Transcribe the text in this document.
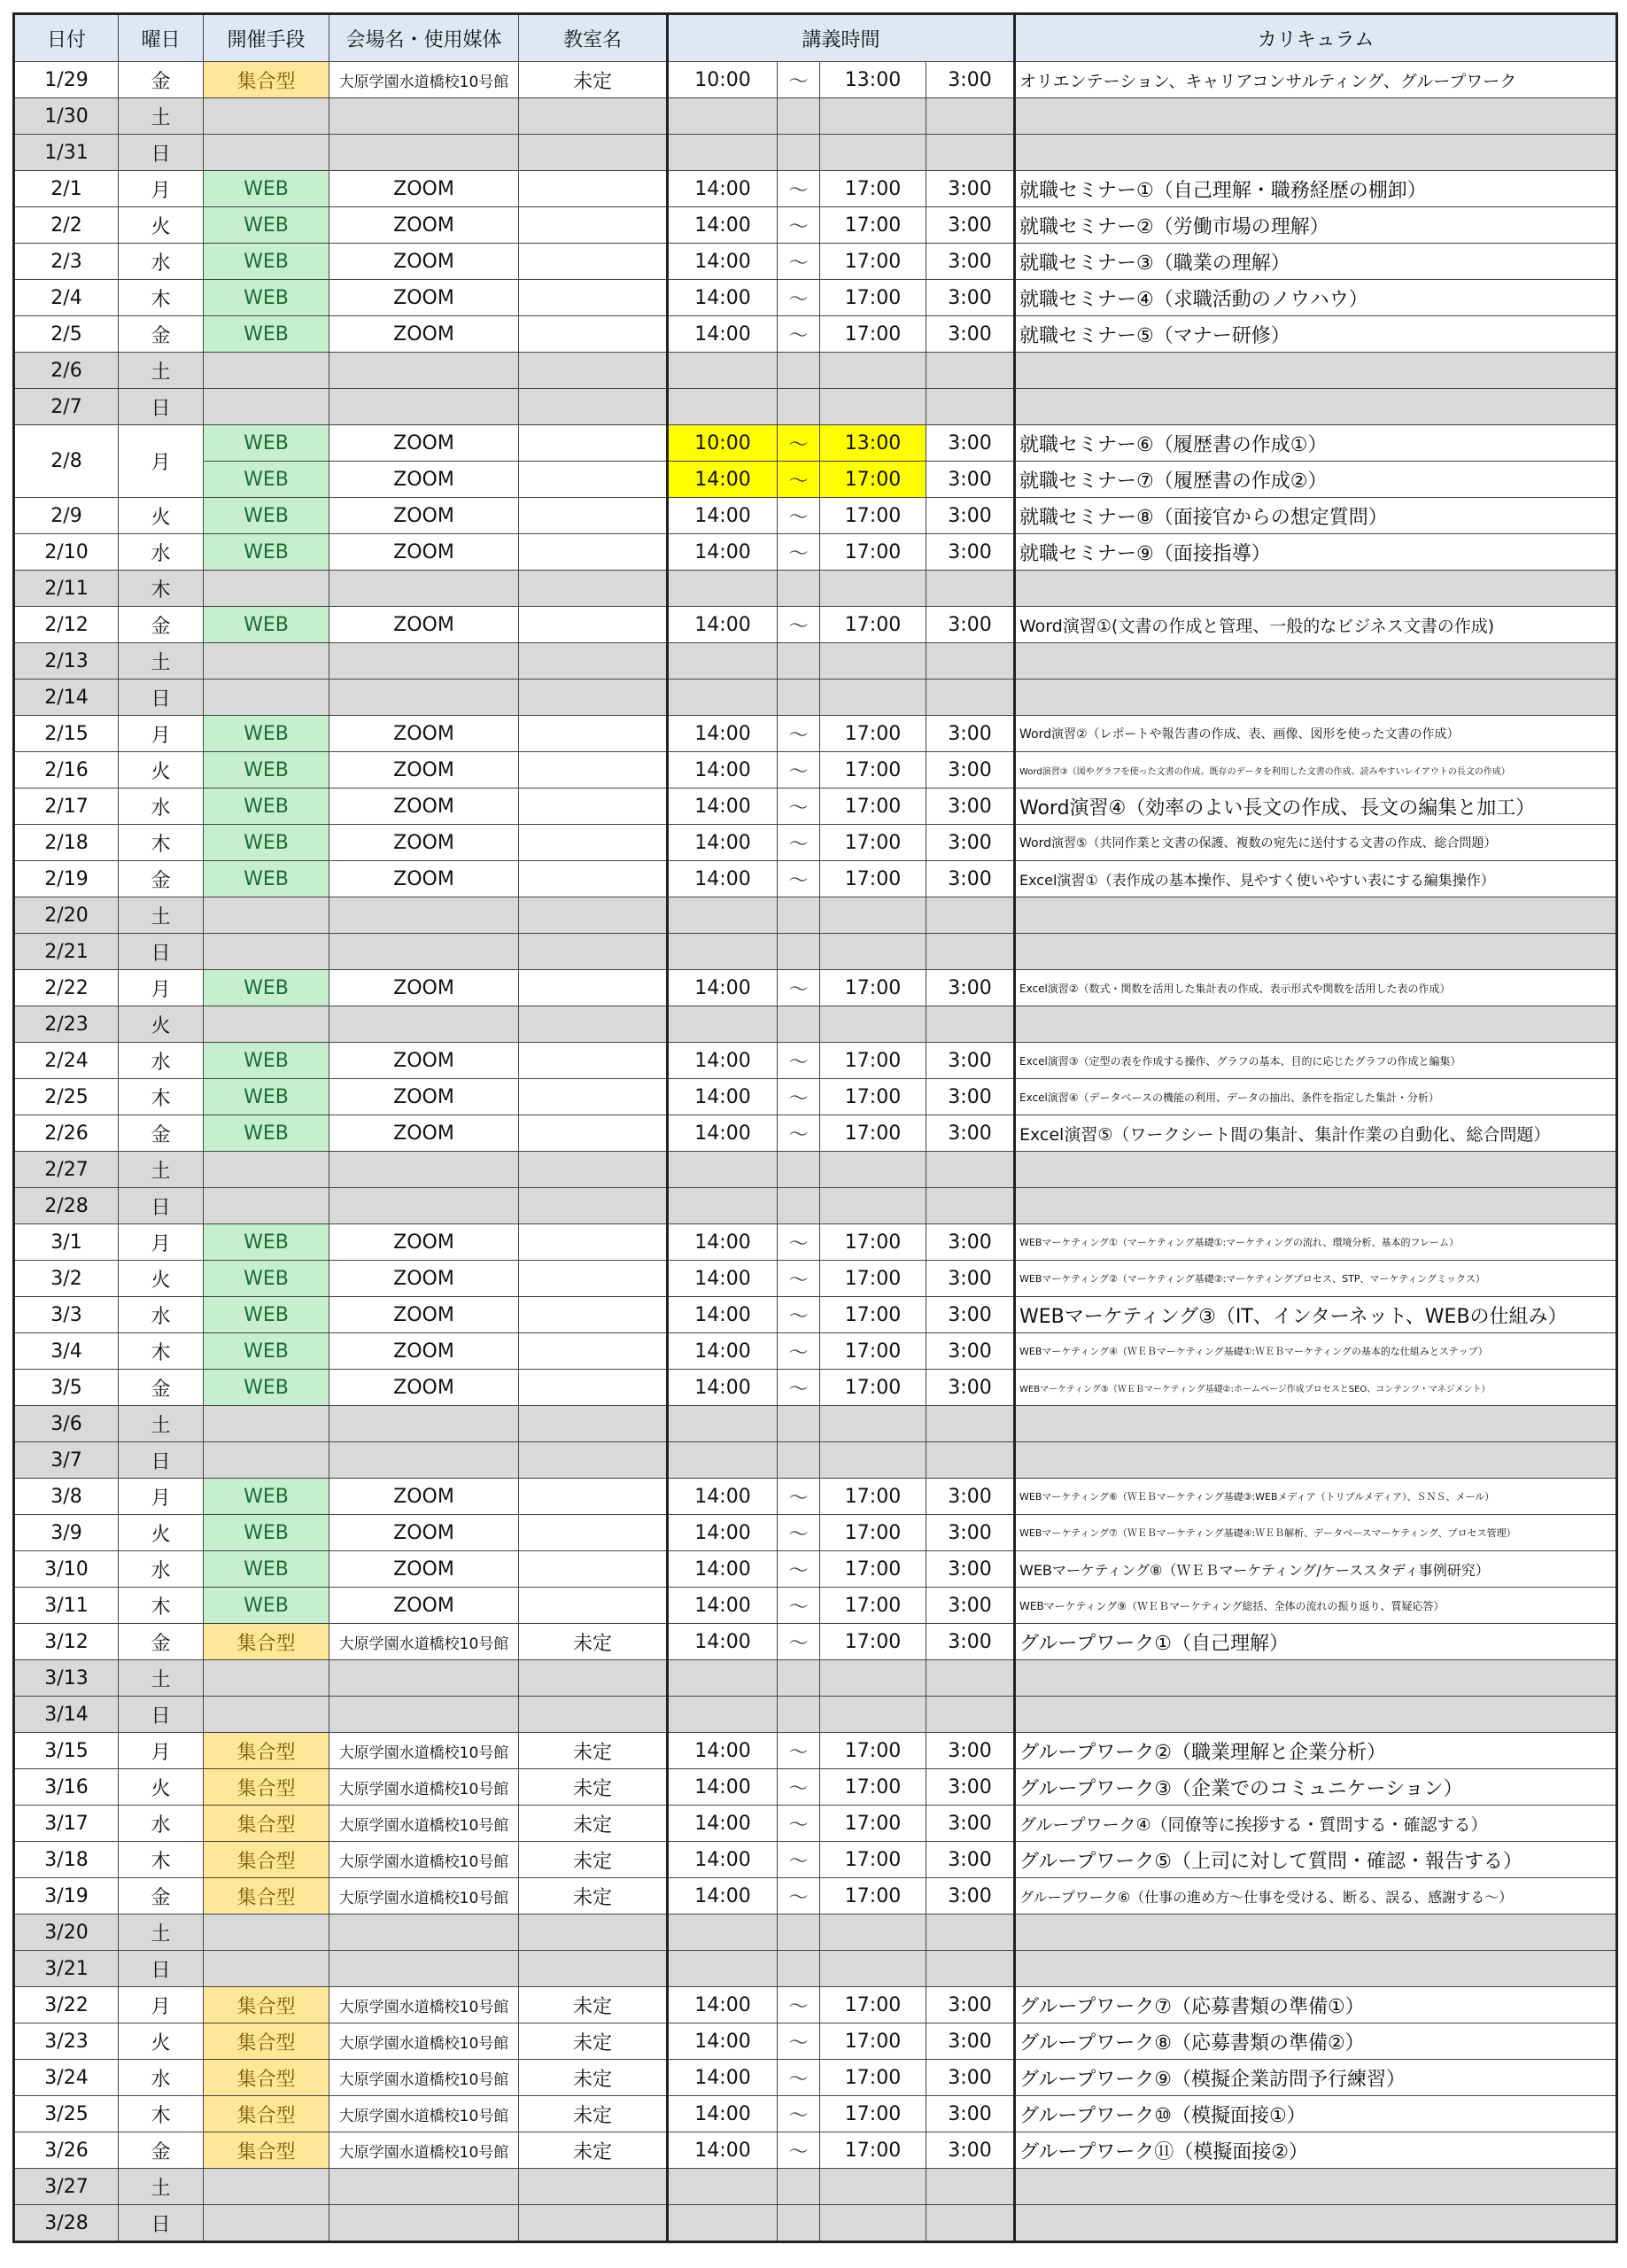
日付	曜日	開催手段	会場名・使用媒体	教室名	講義時間				カリキュラム
1/29	金	集合型	大原学園水道橋校10号館	未定	10:00	～	13:00	3:00	オリエンテーション、キャリアコンサルティング、グループワーク
1/30	土								
1/31	日								
2/1	月	WEB	ZOOM		14:00	～	17:00	3:00	就職セミナー①（自己理解・職務経歴の棚卸）
2/2	火	WEB	ZOOM		14:00	～	17:00	3:00	就職セミナー②（労働市場の理解）
2/3	水	WEB	ZOOM		14:00	～	17:00	3:00	就職セミナー③（職業の理解）
2/4	木	WEB	ZOOM		14:00	～	17:00	3:00	就職セミナー④（求職活動のノウハウ）
2/5	金	WEB	ZOOM		14:00	～	17:00	3:00	就職セミナー⑤（マナー研修）
2/6	土								
2/7	日								
2/8	月	WEB	ZOOM		10:00	～	13:00	3:00	就職セミナー⑥（履歴書の作成①）
		WEB	ZOOM		14:00	～	17:00	3:00	就職セミナー⑦（履歴書の作成②）
2/9	火	WEB	ZOOM		14:00	～	17:00	3:00	就職セミナー⑧（面接官からの想定質問）
2/10	水	WEB	ZOOM		14:00	～	17:00	3:00	就職セミナー⑨（面接指導）
2/11	木								
2/12	金	WEB	ZOOM		14:00	～	17:00	3:00	Word演習①(文書の作成と管理、一般的なビジネス文書の作成)
2/13	土								
2/14	日								
2/15	月	WEB	ZOOM		14:00	～	17:00	3:00	Word演習②（レポートや報告書の作成、表、画像、図形を使った文書の作成）
2/16	火	WEB	ZOOM		14:00	～	17:00	3:00	Word演習③（図やグラフを使った文書の作成、既存のデータを利用した文書の作成、読みやすいレイアウトの長文の作成）
2/17	水	WEB	ZOOM		14:00	～	17:00	3:00	Word演習④（効率のよい長文の作成、長文の編集と加工）
2/18	木	WEB	ZOOM		14:00	～	17:00	3:00	Word演習⑤（共同作業と文書の保護、複数の宛先に送付する文書の作成、総合問題）
2/19	金	WEB	ZOOM		14:00	～	17:00	3:00	Excel演習①（表作成の基本操作、見やすく使いやすい表にする編集操作）
2/20	土								
2/21	日								
2/22	月	WEB	ZOOM		14:00	～	17:00	3:00	Excel演習②（数式・関数を活用した集計表の作成、表示形式や関数を活用した表の作成）
2/23	火								
2/24	水	WEB	ZOOM		14:00	～	17:00	3:00	Excel演習③（定型の表を作成する操作、グラフの基本、目的に応じたグラフの作成と編集）
2/25	木	WEB	ZOOM		14:00	～	17:00	3:00	Excel演習④（データベースの機能の利用、データの抽出、条件を指定した集計・分析）
2/26	金	WEB	ZOOM		14:00	～	17:00	3:00	Excel演習⑤（ワークシート間の集計、集計作業の自動化、総合問題）
2/27	土								
2/28	日								
3/1	月	WEB	ZOOM		14:00	～	17:00	3:00	WEBマーケティング①（マーケティング基礎①:マーケティングの流れ、環境分析、基本的フレーム）
3/2	火	WEB	ZOOM		14:00	～	17:00	3:00	WEBマーケティング②（マーケティング基礎②:マーケティングプロセス、STP、マーケティングミックス）
3/3	水	WEB	ZOOM		14:00	～	17:00	3:00	WEBマーケティング③（IT、インターネット、WEBの仕組み）
3/4	木	WEB	ZOOM		14:00	～	17:00	3:00	WEBマーケティング④（ＷＥＢマーケティング基礎①:ＷＥＢマーケティングの基本的な仕組みとステップ）
3/5	金	WEB	ZOOM		14:00	～	17:00	3:00	WEBマーケティング⑤（ＷＥＢマーケティング基礎②:ホームページ作成プロセスとSEO、コンテンツ・マネジメント）
3/6	土								
3/7	日								
3/8	月	WEB	ZOOM		14:00	～	17:00	3:00	WEBマーケティング⑥（ＷＥＢマーケティング基礎③:WEBメディア（トリプルメディア）、ＳＮＳ、メール）
3/9	火	WEB	ZOOM		14:00	～	17:00	3:00	WEBマーケティング⑦（ＷＥＢマーケティング基礎④:ＷＥＢ解析、データベースマーケティング、プロセス管理）
3/10	水	WEB	ZOOM		14:00	～	17:00	3:00	WEBマーケティング⑧（ＷＥＢマーケティング/ケーススタディ事例研究）
3/11	木	WEB	ZOOM		14:00	～	17:00	3:00	WEBマーケティング⑨（ＷＥＢマーケティング総括、全体の流れの振り返り、質疑応答）
3/12	金	集合型	大原学園水道橋校10号館	未定	14:00	～	17:00	3:00	グループワーク①（自己理解）
3/13	土								
3/14	日								
3/15	月	集合型	大原学園水道橋校10号館	未定	14:00	～	17:00	3:00	グループワーク②（職業理解と企業分析）
3/16	火	集合型	大原学園水道橋校10号館	未定	14:00	～	17:00	3:00	グループワーク③（企業でのコミュニケーション）
3/17	水	集合型	大原学園水道橋校10号館	未定	14:00	～	17:00	3:00	グループワーク④（同僚等に挨拶する・質問する・確認する）
3/18	木	集合型	大原学園水道橋校10号館	未定	14:00	～	17:00	3:00	グループワーク⑤（上司に対して質問・確認・報告する）
3/19	金	集合型	大原学園水道橋校10号館	未定	14:00	～	17:00	3:00	グループワーク⑥（仕事の進め方～仕事を受ける、断る、誤る、感謝する～）
3/20	土								
3/21	日								
3/22	月	集合型	大原学園水道橋校10号館	未定	14:00	～	17:00	3:00	グループワーク⑦（応募書類の準備①）
3/23	火	集合型	大原学園水道橋校10号館	未定	14:00	～	17:00	3:00	グループワーク⑧（応募書類の準備②）
3/24	水	集合型	大原学園水道橋校10号館	未定	14:00	～	17:00	3:00	グループワーク⑨（模擬企業訪問予行練習）
3/25	木	集合型	大原学園水道橋校10号館	未定	14:00	～	17:00	3:00	グループワーク⑩（模擬面接①）
3/26	金	集合型	大原学園水道橋校10号館	未定	14:00	～	17:00	3:00	グループワーク⑪（模擬面接②）
3/27	土								
3/28	日								
